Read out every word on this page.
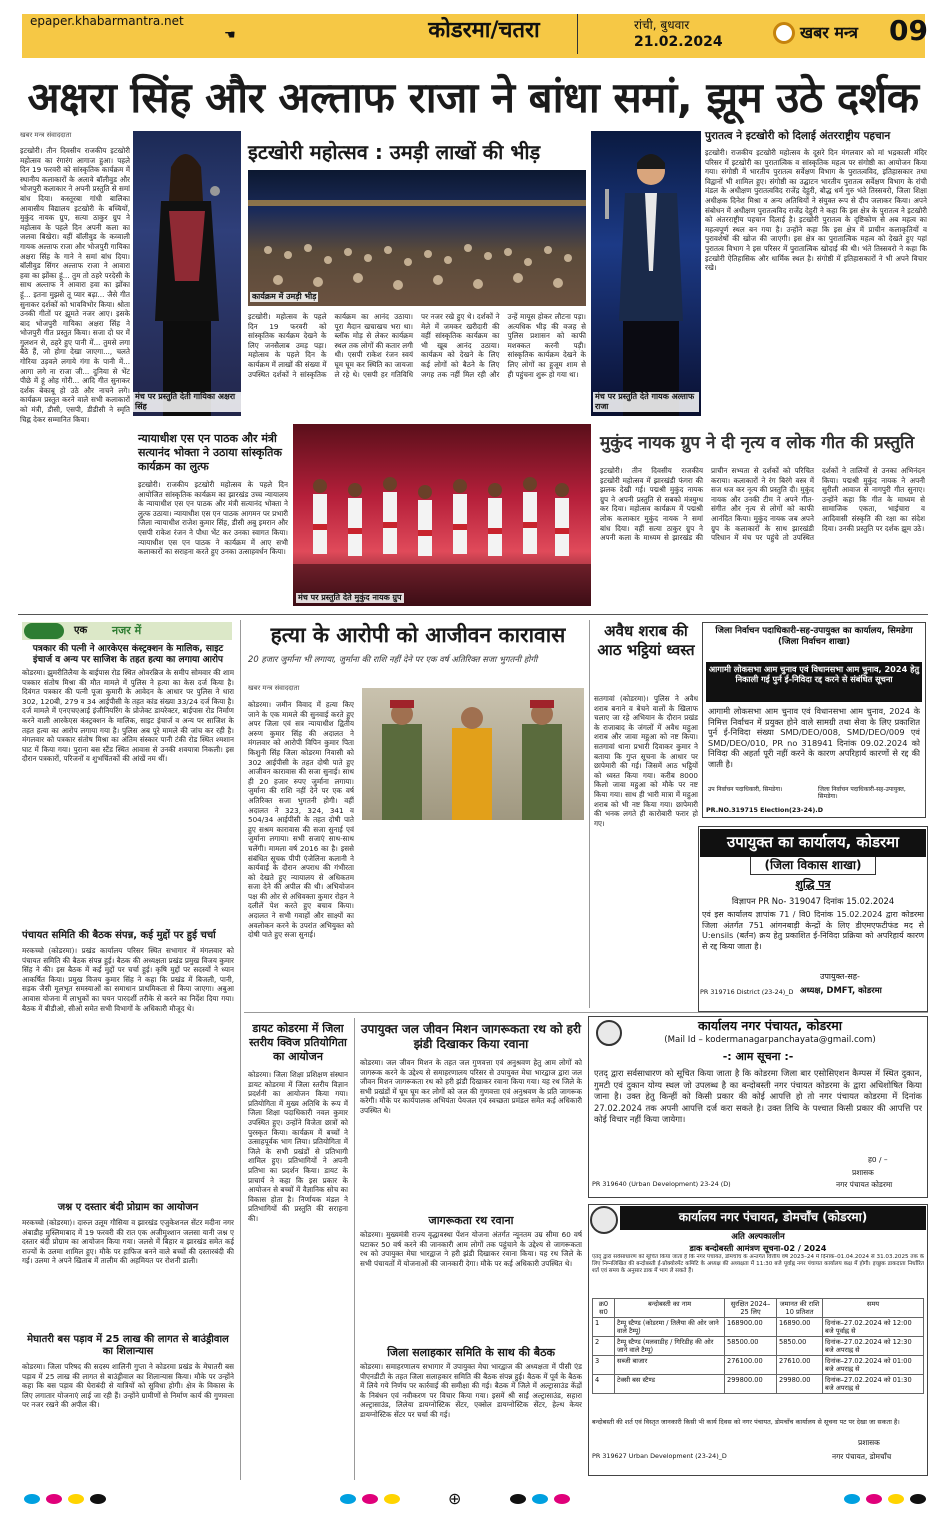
epaper.khabarmantra.net
☚	कोडरमा/चतरा	रांची, बुधवार
21.02.2024	खबर मन्त्र 09
अक्षरा सिंह और अल्ताफ राजा ने बांधा समां, झूम उठे दर्शक
खबर मन्त्र संवाददाता
इटखोरी। तीन दिवसीय राजकीय इटखोरी महोत्सव का रंगारंग आगाज हुआ। पहले दिन 19 फरवरी को सांस्कृतिक कार्यक्रम में स्थानीय कलाकारों के अलावे बॉलीवुड और भोजपुरी कलाकार ने अपनी प्रस्तुति से समां बांध दिया। कस्तूरबा गांधी बालिका आवासीय विद्यालय इटखोरी के बच्चियों, मुकुंद नायक ग्रुप, सत्या ठाकुर ग्रुप ने महोत्सव के पहले दिन अपनी कला का जलवा बिखेरा। वहीं बॉलीवुड के कव्वाली गायक अल्ताफ राजा और भोजपुरी गायिका अक्षरा सिंह के गाने ने समां बांध दिया। बॉलीवुड सिंगर अल्ताफ राजा ने आवारा हवा का झोंका हूं... तुम तो ठहरे परदेसी के साथ अल्ताफ ने आवारा हवा का झोंका हूं... इतना मुझसे तू प्यार बढ़ा... जैसे गीत सुनाकर दर्शकों को भावविभोर किया। श्रोता उनकी गीतों पर झूमते नजर आए। इसके बाद भोजपुरी गायिका अक्षरा सिंह ने भोजपुरी गीत प्रस्तुत किया। सजा दो घर में गुलशन से, ठहरे हुए पानी में... तुमसे लगा बैठे हैं, जो होगा देखा जाएगा..., चलते गोरिया उड़वले लगाये गंगा के पानी में... आगा लगे ना राजा जी... दुनिया से भेंट पीछे में हूं ओह गोरी... आदि गीत सुनाकर दर्शक बेकाबू हो उठे और नाचने लगे। कार्यक्रम प्रस्तुत करने वाले सभी कलाकारों को मंत्री, डीसी, एसपी, डीडीसी ने स्मृति चिह्न देकर सम्मानित किया।
मंच पर प्रस्तुति देती गायिका अक्षरा सिंह
इटखोरी महोत्सव : उमड़ी लाखों की भीड़
कार्यक्रम में उमड़ी भीड़
इटखोरी। महोत्सव के पहले दिन 19 फरवरी को सांस्कृतिक कार्यक्रम देखने के लिए जनसैलाब उमड़ पड़ा। महोत्सव के पहले दिन के कार्यक्रम में लाखों की संख्या में उपस्थित दर्शकों ने सांस्कृतिक कार्यक्रम का आनंद उठाया। पूरा मैदान खचाखच भरा था। ब्लॉक मोड़ से लेकर कार्यक्रम स्थल तक लोगों की कतार लगी थी। एसपी राकेश रंजन स्वयं घूम घूम कर स्थिति का जायजा ले रहे थे। एसपी हर गतिविधि पर नजर रखे हुए थे। दर्शकों ने मेले में जमकर खरीदारी की वहीं सांस्कृतिक कार्यक्रम का भी खूब आनंद उठाया। कार्यक्रम को देखने के लिए कई लोगों को बैठने के लिए जगह तक नहीं मिल रही और उन्हें मायूस होकर लौटना पड़ा। अत्यधिक भीड़ की वजह से पुलिस प्रशासन को काफी मशक्कत करनी पड़ी। सांस्कृतिक कार्यक्रम देखने के लिए लोगों का हुजूम शाम से ही पहुंचना शुरू हो गया था।
न्यायाधीश एस एन पाठक और मंत्री सत्यानंद भोक्ता ने उठाया सांस्कृतिक कार्यक्रम का लुत्फ
इटखोरी। राजकीय इटखोरी महोत्सव के पहले दिन आयोजित सांस्कृतिक कार्यक्रम का झारखंड उच्च न्यायालय के न्यायाधीश एस एन पाठक और मंत्री सत्यानंद भोक्ता ने लुत्फ उठाया। न्यायाधीश एस एन पाठक आगमन पर प्रभारी जिला न्यायाधीश राजेश कुमार सिंह, डीसी अबु इमरान और एसपी राकेश रंजन ने पौधा भेंट कर उनका स्वागत किया। न्यायाधीश एस एन पाठक ने कार्यक्रम में आए सभी कलाकारों का सराहना करते हुए उनका उत्साहवर्धन किया।
मंच पर प्रस्तुति देते मुकुंद नायक ग्रुप
मंच पर प्रस्तुति देते गायक अल्ताफ राजा
पुरातत्व ने इटखोरी को दिलाई अंतरराष्ट्रीय पहचान
इटखोरी। राजकीय इटखोरी महोत्सव के दूसरे दिन मंगलवार को मां भद्रकाली मंदिर परिसर में इटखोरी का पुरातात्विक व सांस्कृतिक महत्व पर संगोष्ठी का आयोजन किया गया। संगोष्ठी में भारतीय पुरातत्व सर्वेक्षण विभाग के पुरातत्वविद, इतिहासकार तथा विद्वानों भी शामिल हुए। संगोष्ठी का उद्घाटन भारतीय पुरातत्व सर्वेक्षण विभाग के रांची मंडल के अधीक्षण पुरातत्वविद राजेंद्र देहुरी, बौद्ध धर्म गुरु भंते तिस्सवरो, जिला शिक्षा अधीक्षक दिनेश मिश्रा व अन्य अतिथियों ने संयुक्त रूप से दीप जलाकर किया। अपने संबोधन में अधीक्षण पुरातत्वविद राजेंद्र देहुरी ने कहा कि इस क्षेत्र के पुरातत्व ने इटखोरी को अंतरराष्ट्रीय पहचान दिलाई है। इटखोरी पुरातत्व के दृष्टिकोण से अब महत्व का महत्वपूर्ण स्थल बन गया है। उन्होंने कहा कि इस क्षेत्र में प्राचीन कलाकृतियों व पुरावशेषों की खोज की जाएगी। इस क्षेत्र का पुरातात्विक महत्व को देखते हुए यहां पुरातत्व विभाग ने इस परिसर में पुरातात्विक खोदाई की थी। भंते तिस्सवरो ने कहा कि इटखोरी ऐतिहासिक और धार्मिक स्थल है। संगोष्ठी में इतिहासकारों ने भी अपने विचार रखे।
मुकुंद नायक ग्रुप ने दी नृत्य व लोक गीत की प्रस्तुति
इटखोरी। तीन दिवसीय राजकीय इटखोरी महोत्सव में झारखंडी फंगरा की झलक देखी गई। पद्मश्री मुकुंद नायक ग्रुप ने अपनी प्रस्तुति से सबको मंत्रमुग्ध कर दिया। महोत्सव कार्यक्रम में पद्मश्री लोक कलाकार मुकुंद नायक ने समां बांध दिया। वहीं सत्या ठाकुर ग्रुप ने अपनी कला के माध्यम से झारखंड की प्राचीन सभ्यता से दर्शकों को परिचित कराया। कलाकारों ने रंग बिरंगे वस्त्र में सज धज कर नृत्य की प्रस्तुति दी। मुकुंद नायक और उनकी टीम ने अपने गीत-संगीत और नृत्य से लोगों को काफी आनंदित किया। मुकुंद नायक जब अपने ग्रुप के कलाकारों के साथ झारखंडी परिधान में मंच पर पहुंचे तो उपस्थित दर्शकों ने तालियों से उनका अभिनंदन किया। पद्मश्री मुकुंद नायक ने अपनी सुरीली आवाज से नागपुरी गीत सुनाए। उन्होंने कहा कि गीत के माध्यम से सामाजिक एकता, भाईचारा व आदिवासी संस्कृति की रक्षा का संदेश दिया। उनकी प्रस्तुति पर दर्शक झूम उठे।
एक नजर में
पत्रकार की पत्नी ने आरकेएस कंस्ट्रक्शन के मालिक, साइट इंचार्ज व अन्य पर साजिश के तहत हत्या का लगाया आरोप
कोडरमा। झुमरीतिलैया के बाईपास रोड स्थित ओवरब्रिज के समीप सोमवार की शाम पत्रकार संतोष मिश्रा की मौत मामले में पुलिस ने हत्या का केस दर्ज किया है। दिवंगत पत्रकार की पत्नी पूजा कुमारी के आवेदन के आधार पर पुलिस ने धारा 302, 120बी, 279 व 34 आईपीसी के तहत कांड संख्या 33/24 दर्ज किया है। दर्ज मामले में एनएचएआई इंजीनियरिंग के प्रोजेक्ट डायरेक्टर, बाईपास रोड निर्माण करने वाली आरकेएस कंस्ट्रक्शन के मालिक, साइट इंचार्ज व अन्य पर साजिश के तहत हत्या का आरोप लगाया गया है। पुलिस अब पूरे मामले की जांच कर रही है। मंगलवार को पत्रकार संतोष मिश्रा का अंतिम संस्कार पानी टंकी रोड स्थित श्मशान घाट में किया गया। पुराना बस स्टैंड स्थित आवास से उनकी शवयात्रा निकली। इस दौरान पत्रकारों, परिजनों व शुभचिंतकों की आंखें नम थीं।
पंचायत समिति की बैठक संपन्न, कई मुद्दों पर हुई चर्चा
मरकच्चो (कोडरमा)। प्रखंड कार्यालय परिसर स्थित सभागार में मंगलवार को पंचायत समिति की बैठक संपन्न हुई। बैठक की अध्यक्षता प्रखंड प्रमुख विजय कुमार सिंह ने की। इस बैठक में कई मुद्दों पर चर्चा हुई। कृषि मुद्दों पर सदस्यों ने ध्यान आकर्षित किया। प्रमुख विजय कुमार सिंह ने कहा कि प्रखंड में बिजली, पानी, सड़क जैसी मूलभूत समस्याओं का समाधान प्राथमिकता से किया जाएगा। अबुआ आवास योजना में लाभुकों का चयन पारदर्शी तरीके से करने का निर्देश दिया गया। बैठक में बीडीओ, सीओ समेत सभी विभागों के अधिकारी मौजूद थे।
जश्न ए दस्तार बंदी प्रोग्राम का आयोजन
मरकच्चो (कोडरमा)। दारुल उलूम गौसिया व झारखंड एजुकेशनल सेंटर मदीना नगर अंबाडीह मुस्लिमाबाद में 19 फरवरी की रात एक अजीमुश्शान जलसा यानी जश्न ए दस्तार बंदी प्रोग्राम का आयोजन किया गया। जलसे में बिहार व झारखंड समेत कई राज्यों के उलमा शामिल हुए। मौके पर हाफिज बनने वाले बच्चों की दस्तारबंदी की गई। उलमा ने अपने खिताब में तालीम की अहमियत पर रोशनी डाली।
मेघातरी बस पड़ाव में 25 लाख की लागत से बाउंड्रीवाल का शिलान्यास
कोडरमा। जिला परिषद की सदस्य शालिनी गुप्ता ने कोडरमा प्रखंड के मेघातरी बस पड़ाव में 25 लाख की लागत से बाउंड्रीवाल का शिलान्यास किया। मौके पर उन्होंने कहा कि बस पड़ाव की घेराबंदी से यात्रियों को सुविधा होगी। क्षेत्र के विकास के लिए लगातार योजनाएं लाई जा रही हैं। उन्होंने ग्रामीणों से निर्माण कार्य की गुणवत्ता पर नजर रखने की अपील की।
हत्या के आरोपी को आजीवन कारावास
20 हजार जुर्माना भी लगाया, जुर्माना की राशि नहीं देने पर एक वर्ष अतिरिक्त सजा भुगतनी होगी
खबर मन्त्र संवाददाता
कोडरमा। जमीन विवाद में हत्या किए जाने के एक मामले की सुनवाई करते हुए अपर जिला एवं सत्र न्यायाधीश द्वितीय अरुण कुमार सिंह की अदालत ने मंगलवार को आरोपी विपिन कुमार पिता किशुनी सिंह जिला कोडरमा निवासी को 302 आईपीसी के तहत दोषी पाते हुए आजीवन कारावास की सजा सुनाई। साथ ही 20 हजार रुपए जुर्माना लगाया। जुर्माना की राशि नहीं देने पर एक वर्ष अतिरिक्त सजा भुगतनी होगी। वहीं अदालत ने 323, 324, 341 व 504/34 आईपीसी के तहत दोषी पाते हुए सश्रम कारावास की सजा सुनाई एवं जुर्माना लगाया। सभी सजाएं साथ-साथ चलेंगी। मामला वर्ष 2016 का है। इससे संबंधित सूचक पीपी एंजेलिना कलानी ने कार्यवाई के दौरान अपराध की गंभीरता को देखते हुए न्यायालय से अधिकतम सजा देने की अपील की थी। अभियोजन पक्ष की ओर से अधिवक्ता कुमार रोहन ने दलीलें पेश करते हुए बचाव किया। अदालत ने सभी गवाहों और साक्ष्यों का अवलोकन करने के उपरांत अभियुक्त को दोषी पाते हुए सजा सुनाई।
अवैध शराब की आठ भट्ठियां ध्वस्त
सतगावां (कोडरमा)। पुलिस ने अवैध शराब बनाने व बेचने वालों के खिलाफ चलाए जा रहे अभियान के दौरान प्रखंड के राजाबाद के जंगलों में अवैध महुआ शराब और जावा महुआ को नष्ट किया। सतगावां थाना प्रभारी दिवाकर कुमार ने बताया कि गुप्त सूचना के आधार पर छापेमारी की गई। जिसमें आठ भट्ठियों को ध्वस्त किया गया। करीब 8000 किलो जावा महुआ को मौके पर नष्ट किया गया। साथ ही भारी मात्रा में महुआ शराब को भी नष्ट किया गया। छापेमारी की भनक लगते ही कारोबारी फरार हो गए।
जिला निर्वाचन पदाधिकारी-सह-उपायुक्त का कार्यालय, सिमडेगा (जिला निर्वाचन शाखा)
आगामी लोकसभा आम चुनाव एवं विधानसभा आम चुनाव, 2024 हेतु निकाली गई पुर्न ई-निविदा रद्द करने से संबंधित सूचना
आगामी लोकसभा आम चुनाव एवं विधानसभा आम चुनाव, 2024 के निमित्त निर्वाचन में प्रयुक्त होने वाले सामग्री तथा सेवा के लिए प्रकाशित पुर्न ई-निविदा संख्या SMD/DEO/008, SMD/DEO/009 एवं SMD/DEO/010, PR no 318941 दिनांक 09.02.2024 को निविदा की अहर्ता पूरी नहीं करने के कारण अपरिहार्य कारणों से रद्द की जाती है।
उप निर्वाचन पदाधिकारी, सिमडेगा।	जिला निर्वाचन पदाधिकारी-सह-उपायुक्त, सिमडेगा।
PR.NO.319715 Election(23-24).D
उपायुक्त का कार्यालय, कोडरमा
(जिला विकास शाखा)
शुद्धि पत्र
विज्ञापन PR No- 319047 दिनांक 15.02.2024
एवं इस कार्यालय ज्ञापांक 71 / वि0 दिनांक 15.02.2024 द्वारा कोडरमा जिला अंतर्गत 751 आंगनबाड़ी केन्द्रों के लिए डीएमएफटीफंड मद से U:ensils (बर्तन) क्रय हेतु प्रकाशित ई-निविदा प्रक्रिया को अपरिहार्य कारण से रद्द किया जाता है।
उपायुक्त-सह-
अध्यक्ष, DMFT, कोडरमा
PR 319716 District (23-24)_D
डायट कोडरमा में जिला स्तरीय क्विज प्रतियोगिता का आयोजन
कोडरमा। जिला शिक्षा प्रशिक्षण संस्थान डायट कोडरमा में जिला स्तरीय विज्ञान प्रदर्शनी का आयोजन किया गया। प्रतियोगिता में मुख्य अतिथि के रूप में जिला शिक्षा पदाधिकारी नवल कुमार उपस्थित हुए। उन्होंने विजेता छात्रों को पुरस्कृत किया। कार्यक्रम में बच्चों ने उत्साहपूर्वक भाग लिया। प्रतियोगिता में जिले के सभी प्रखंडों से प्रतिभागी शामिल हुए। प्रतिभागियों ने अपनी प्रतिभा का प्रदर्शन किया। डायट के प्राचार्य ने कहा कि इस प्रकार के आयोजन से बच्चों में वैज्ञानिक सोच का विकास होता है। निर्णायक मंडल ने प्रतिभागियों की प्रस्तुति की सराहना की।
उपायुक्त जल जीवन मिशन जागरूकता रथ को हरी झंडी दिखाकर किया रवाना
कोडरमा। जल जीवन मिशन के तहत जल गुणवत्ता एवं अनुश्रवण हेतु आम लोगों को जागरूक करने के उद्देश्य से समाहरणालय परिसर से उपायुक्त मेघा भारद्वाज द्वारा जल जीवन मिशन जागरूकता रथ को हरी झंडी दिखाकर रवाना किया गया। यह रथ जिले के सभी प्रखंडों में घूम घूम कर लोगों को जल की गुणवत्ता एवं अनुश्रवण के प्रति जागरूक करेगी। मौके पर कार्यपालक अभियंता पेयजल एवं स्वच्छता प्रमंडल समेत कई अधिकारी उपस्थित थे।
जागरूकता रथ रवाना
कोडरमा। मुख्यमंत्री राज्य वृद्धावस्था पेंशन योजना अंतर्गत न्यूनतम उम्र सीमा 60 वर्ष घटाकर 50 वर्ष करने की जानकारी आम लोगों तक पहुंचाने के उद्देश्य से जागरूकता रथ को उपायुक्त मेघा भारद्वाज ने हरी झंडी दिखाकर रवाना किया। यह रथ जिले के सभी पंचायतों में योजनाओं की जानकारी देगा। मौके पर कई अधिकारी उपस्थित थे।
जिला सलाहकार समिति के साथ की बैठक
कोडरमा। समाहरणालय सभागार में उपायुक्त मेघा भारद्वाज की अध्यक्षता में पीसी एंड पीएनडीटी के तहत जिला सलाहकार समिति की बैठक संपन्न हुई। बैठक में पूर्व के बैठक में लिये गये निर्णय पर कार्रवाई की समीक्षा की गई। बैठक में जिले में अल्ट्रासाउंड केंद्रों के निबंधन एवं नवीकरण पर विचार किया गया। इसमें श्री साईं अल्ट्रासाउंड, सहारा अल्ट्रासाउंड, लिलेया डायग्नोस्टिक सेंटर, एक्सेल डायग्नोस्टिक सेंटर, हेल्थ केयर डायग्नोस्टिक सेंटर पर चर्चा की गई।
कार्यालय नगर पंचायत, कोडरमा
(Mail Id – kodermanagarpanchayata@gmail.com)
-: आम सूचना :-
एतद् द्वारा सर्वसाधारण को सूचित किया जाता है कि कोडरमा जिला बार एसोसिएशन कैम्पस में स्थित दुकान, गुमटी एवं दुकान योग्य स्थल जो उपलब्ध है का बन्दोबस्ती नगर पंचायत कोडरमा के द्वारा अधिशोषित किया जाना है। उक्त हेतु किन्हीं को किसी प्रकार की कोई आपत्ति हो तो नगर पंचायत कोडरमा में दिनांक 27.02.2024 तक अपनी आपत्ति दर्ज करा सकते है। उक्त तिथि के पश्चात किसी प्रकार की आपत्ति पर कोई विचार नहीं किया जायेगा।
ह0 / –
प्रशासक
नगर पंचायत कोडरमा
PR 319640 (Urban Development) 23-24 (D)
कार्यालय नगर पंचायत, डोमचाँच (कोडरमा)
अति अल्पकालीन
डाक बन्दोबस्ती आमंत्रण सूचना-02 / 2024
एतद् द्वारा सर्वसाधारण को सूचित किया जाता है कि नगर पंचायत, डोमचाँच के अन्तर्गत वित्तीय वर्ष 2023–24 में दिनांक–01.04.2024 से 31.03.2025 तक के लिए निम्नलिखित की बन्दोबस्ती ई-प्रोक्योरमेंट कमिटि के अध्यक्ष की अध्यक्षता में 11:30 बजे पूर्वाह्न नगर पंचायत कार्यालय कक्ष में होगी। इच्छुक डाकदाता निर्धारित शर्त एवं समय के अनुसार डाक में भाग ले सकते हैं।
क्र0 स0	बन्दोबस्ती का नाम	सुरक्षित 2024–25 लिए	जमानत की राशि 10 प्रतिशत	समय
1	टैम्पू स्टैण्ड (कोडरमा / तिलैया की ओर जाने वाले टैम्पू)	168900.00	16890.00	दिनांक–27.02.2024 को 12:00 बजे पूर्वाह्न से
2	टैम्पू स्टैण्ड (मलवाडीह / गिरिडीह की ओर जाने वाले टैम्पू)	58500.00	5850.00	दिनांक–27.02.2024 को 12:30 बजे अपराह्न से
3	सब्जी बाजार	276100.00	27610.00	दिनांक–27.02.2024 को 01:00 बजे अपराह्न से
4	टेक्सी बस स्टैण्ड	299800.00	29980.00	दिनांक–27.02.2024 को 01:30 बजे अपराह्न से
बन्दोबस्ती की शर्त एवं विस्तृत जानकारी किसी भी कार्य दिवस को नगर पंचायत, डोमचाँच कार्यालय से सूचना पट पर देखा जा सकता है।
प्रशासक
नगर पंचायत, डोमचाँच
PR 319627 Urban Development (23-24)_D
⊕
